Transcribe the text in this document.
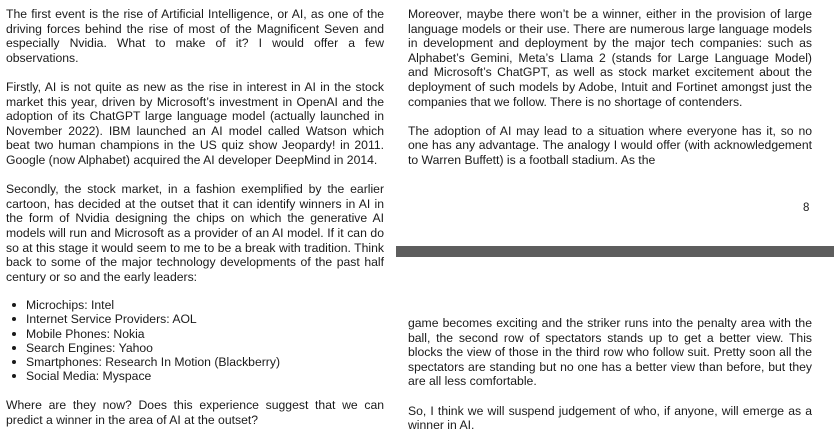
The first event is the rise of Artificial Intelligence, or AI, as one of the driving forces behind the rise of most of the Magnificent Seven and especially Nvidia. What to make of it? I would offer a few observations.

Firstly, AI is not quite as new as the rise in interest in AI in the stock market this year, driven by Microsoft’s investment in OpenAI and the adoption of its ChatGPT large language model (actually launched in November 2022). IBM launched an AI model called Watson which beat two human champions in the US quiz show Jeopardy! in 2011. Google (now Alphabet) acquired the AI developer DeepMind in 2014.

Secondly, the stock market, in a fashion exemplified by the earlier cartoon, has decided at the outset that it can identify winners in AI in the form of Nvidia designing the chips on which the generative AI models will run and Microsoft as a provider of an AI model. If it can do so at this stage it would seem to me to be a break with tradition. Think back to some of the major technology developments of the past half century or so and the early leaders:

Microchips: Intel
Internet Service Providers: AOL
Mobile Phones: Nokia
Search Engines: Yahoo
Smartphones: Research In Motion (Blackberry)
Social Media: Myspace

Where are they now? Does this experience suggest that we can predict a winner in the area of AI at the outset?

Moreover, maybe there won’t be a winner, either in the provision of large language models or their use. There are numerous large language models in development and deployment by the major tech companies: such as Alphabet’s Gemini, Meta’s Llama 2 (stands for Large Language Model) and Microsoft’s ChatGPT, as well as stock market excitement about the deployment of such models by Adobe, Intuit and Fortinet amongst just the companies that we follow. There is no shortage of contenders.

The adoption of AI may lead to a situation where everyone has it, so no one has any advantage. The analogy I would offer (with acknowledgement to Warren Buffett) is a football stadium. As the

8

game becomes exciting and the striker runs into the penalty area with the ball, the second row of spectators stands up to get a better view. This blocks the view of those in the third row who follow suit. Pretty soon all the spectators are standing but no one has a better view than before, but they are all less comfortable.

So, I think we will suspend judgement of who, if anyone, will emerge as a winner in AI.
